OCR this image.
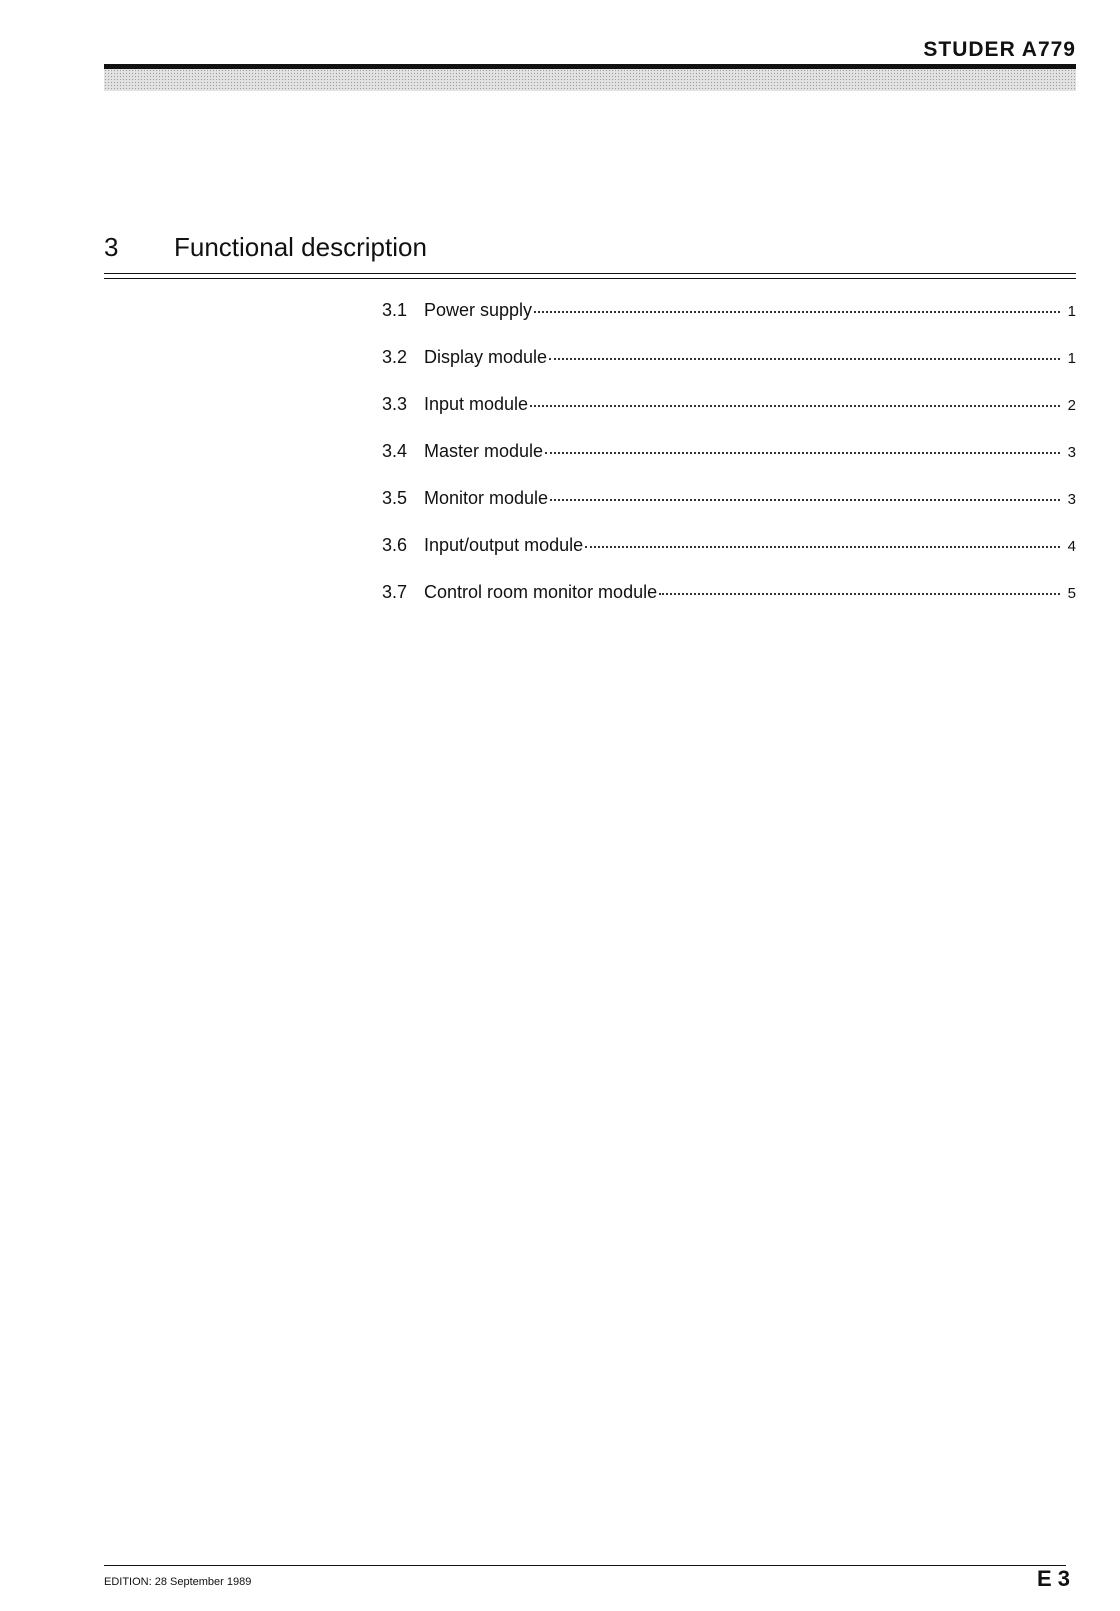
STUDER A779
3 Functional description
3.1 Power supply	1
3.2 Display module	1
3.3 Input module	2
3.4 Master module	3
3.5 Monitor module	3
3.6 Input/output module	4
3.7 Control room monitor module	5
EDITION: 28 September 1989	E 3
